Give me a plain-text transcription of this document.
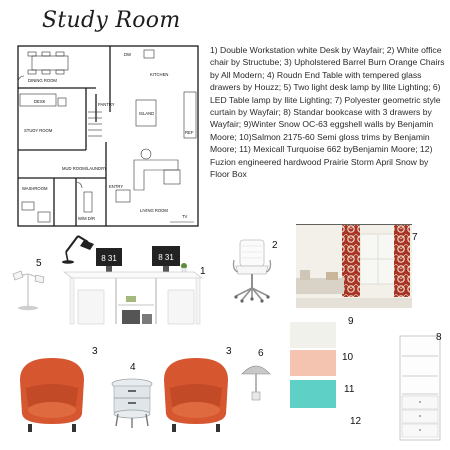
Study Room
DINING ROOM
KITCHEN
DW
DESK
PANTRY
ISLAND
REF
STUDY ROOM
MUD ROOM/LAUNDRY
WASHROOM
W/M D/R
ENTRY
LIVING ROOM
TV
1) Double Workstation white Desk by Wayfair; 2) White office chair by Structube; 3) Upholstered Barrel Burn Orange Chairs by All Modern; 4) Roudn End Table with tempered glass drawers by Houzz; 5) Two light desk lamp by llite Lighting; 6) LED Table lamp by llite Lighting; 7) Polyester geometric style curtain by Wayfair; 8) Standar bookcase with 3 drawers by Wayfair; 9)Winter Snow OC-63 eggshell walls by Benjamin Moore; 10)Salmon 2175-60 Semi gloss trims by Benjamin Moore; 11) Mexicall Turquoise 662 byBenjamin Moore; 12) Fuzion engineered hardwood Prairie Storm April Snow by Floor Box
5	8 31	8 31
1
2
7
3
4
3	6
9
10
11
12
8
